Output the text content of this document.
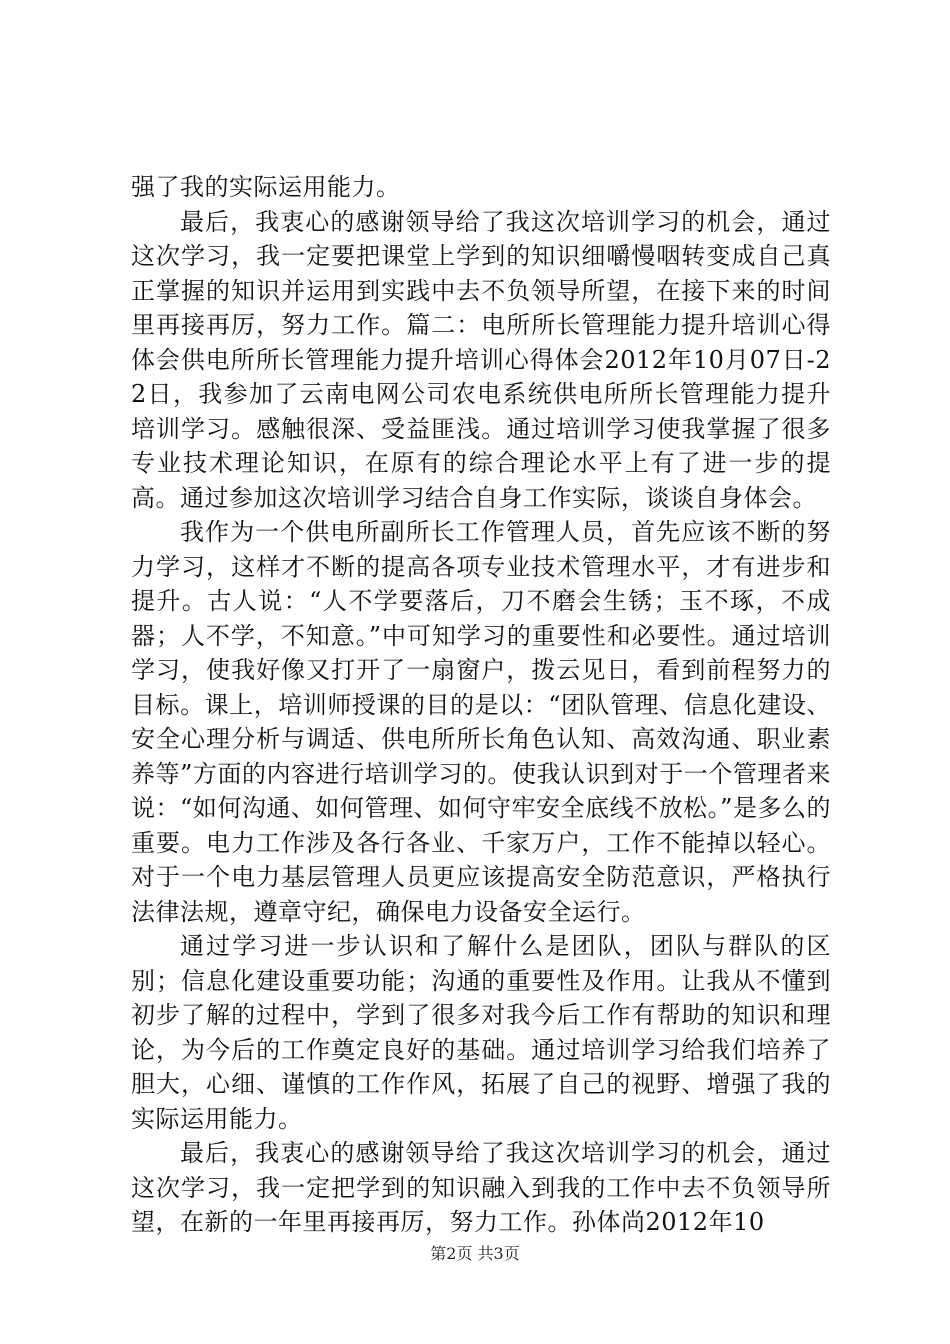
强了我的实际运用能力。

最后，我衷心的感谢领导给了我这次培训学习的机会，通过这次学习，我一定要把课堂上学到的知识细嚼慢咽转变成自己真正掌握的知识并运用到实践中去不负领导所望，在接下来的时间里再接再厉，努力工作。篇二：电所所长管理能力提升培训心得体会供电所所长管理能力提升培训心得体会2012年10月07日-22日，我参加了云南电网公司农电系统供电所所长管理能力提升培训学习。感触很深、受益匪浅。通过培训学习使我掌握了很多专业技术理论知识，在原有的综合理论水平上有了进一步的提高。通过参加这次培训学习结合自身工作实际，谈谈自身体会。

我作为一个供电所副所长工作管理人员，首先应该不断的努力学习，这样才不断的提高各项专业技术管理水平，才有进步和提升。古人说：“人不学要落后，刀不磨会生锈；玉不琢，不成器；人不学，不知意。”中可知学习的重要性和必要性。通过培训学习，使我好像又打开了一扇窗户，拨云见日，看到前程努力的目标。课上，培训师授课的目的是以：“团队管理、信息化建设、安全心理分析与调适、供电所所长角色认知、高效沟通、职业素养等”方面的内容进行培训学习的。使我认识到对于一个管理者来说：“如何沟通、如何管理、如何守牢安全底线不放松。”是多么的重要。电力工作涉及各行各业、千家万户，工作不能掉以轻心。对于一个电力基层管理人员更应该提高安全防范意识，严格执行法律法规，遵章守纪，确保电力设备安全运行。

通过学习进一步认识和了解什么是团队，团队与群队的区别；信息化建设重要功能；沟通的重要性及作用。让我从不懂到初步了解的过程中，学到了很多对我今后工作有帮助的知识和理论，为今后的工作奠定良好的基础。通过培训学习给我们培养了胆大，心细、谨慎的工作作风，拓展了自己的视野、增强了我的实际运用能力。

最后，我衷心的感谢领导给了我这次培训学习的机会，通过这次学习，我一定把学到的知识融入到我的工作中去不负领导所望，在新的一年里再接再厉，努力工作。孙体尚2012年10

第2页 共3页
